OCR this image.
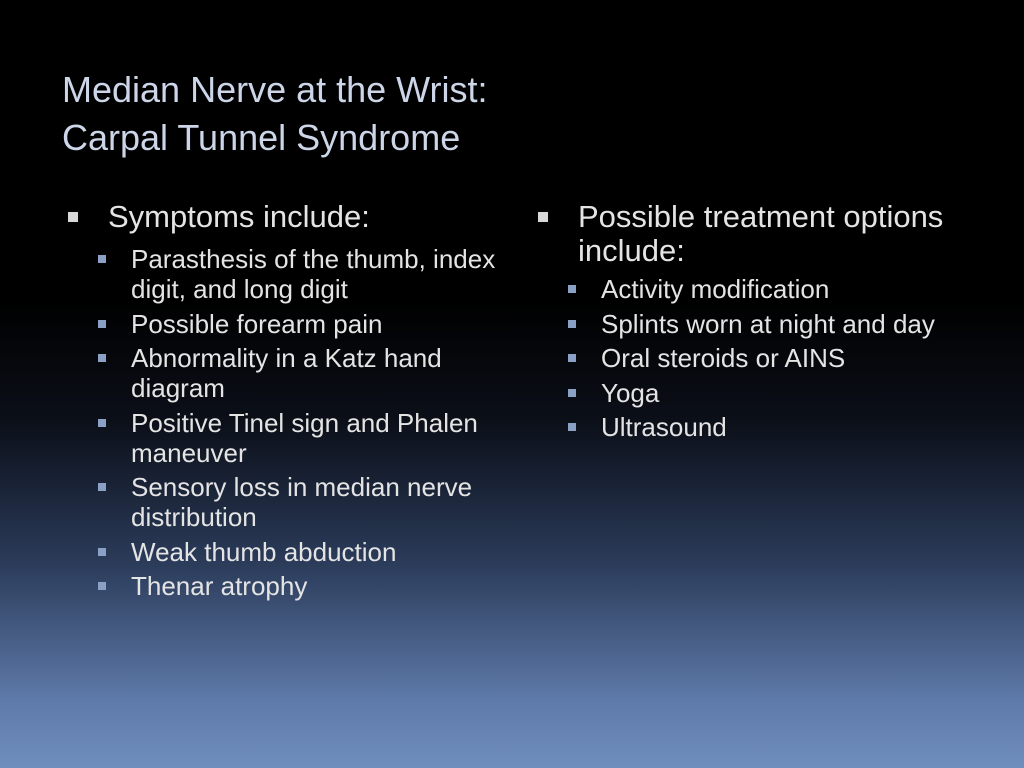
Median Nerve at the Wrist:
Carpal Tunnel Syndrome
Symptoms include:
Parasthesis of the thumb, index digit, and long digit
Possible forearm pain
Abnormality in a Katz hand diagram
Positive Tinel sign and Phalen maneuver
Sensory loss in median nerve distribution
Weak thumb abduction
Thenar atrophy
Possible treatment options include:
Activity modification
Splints worn at night and day
Oral steroids or AINS
Yoga
Ultrasound
